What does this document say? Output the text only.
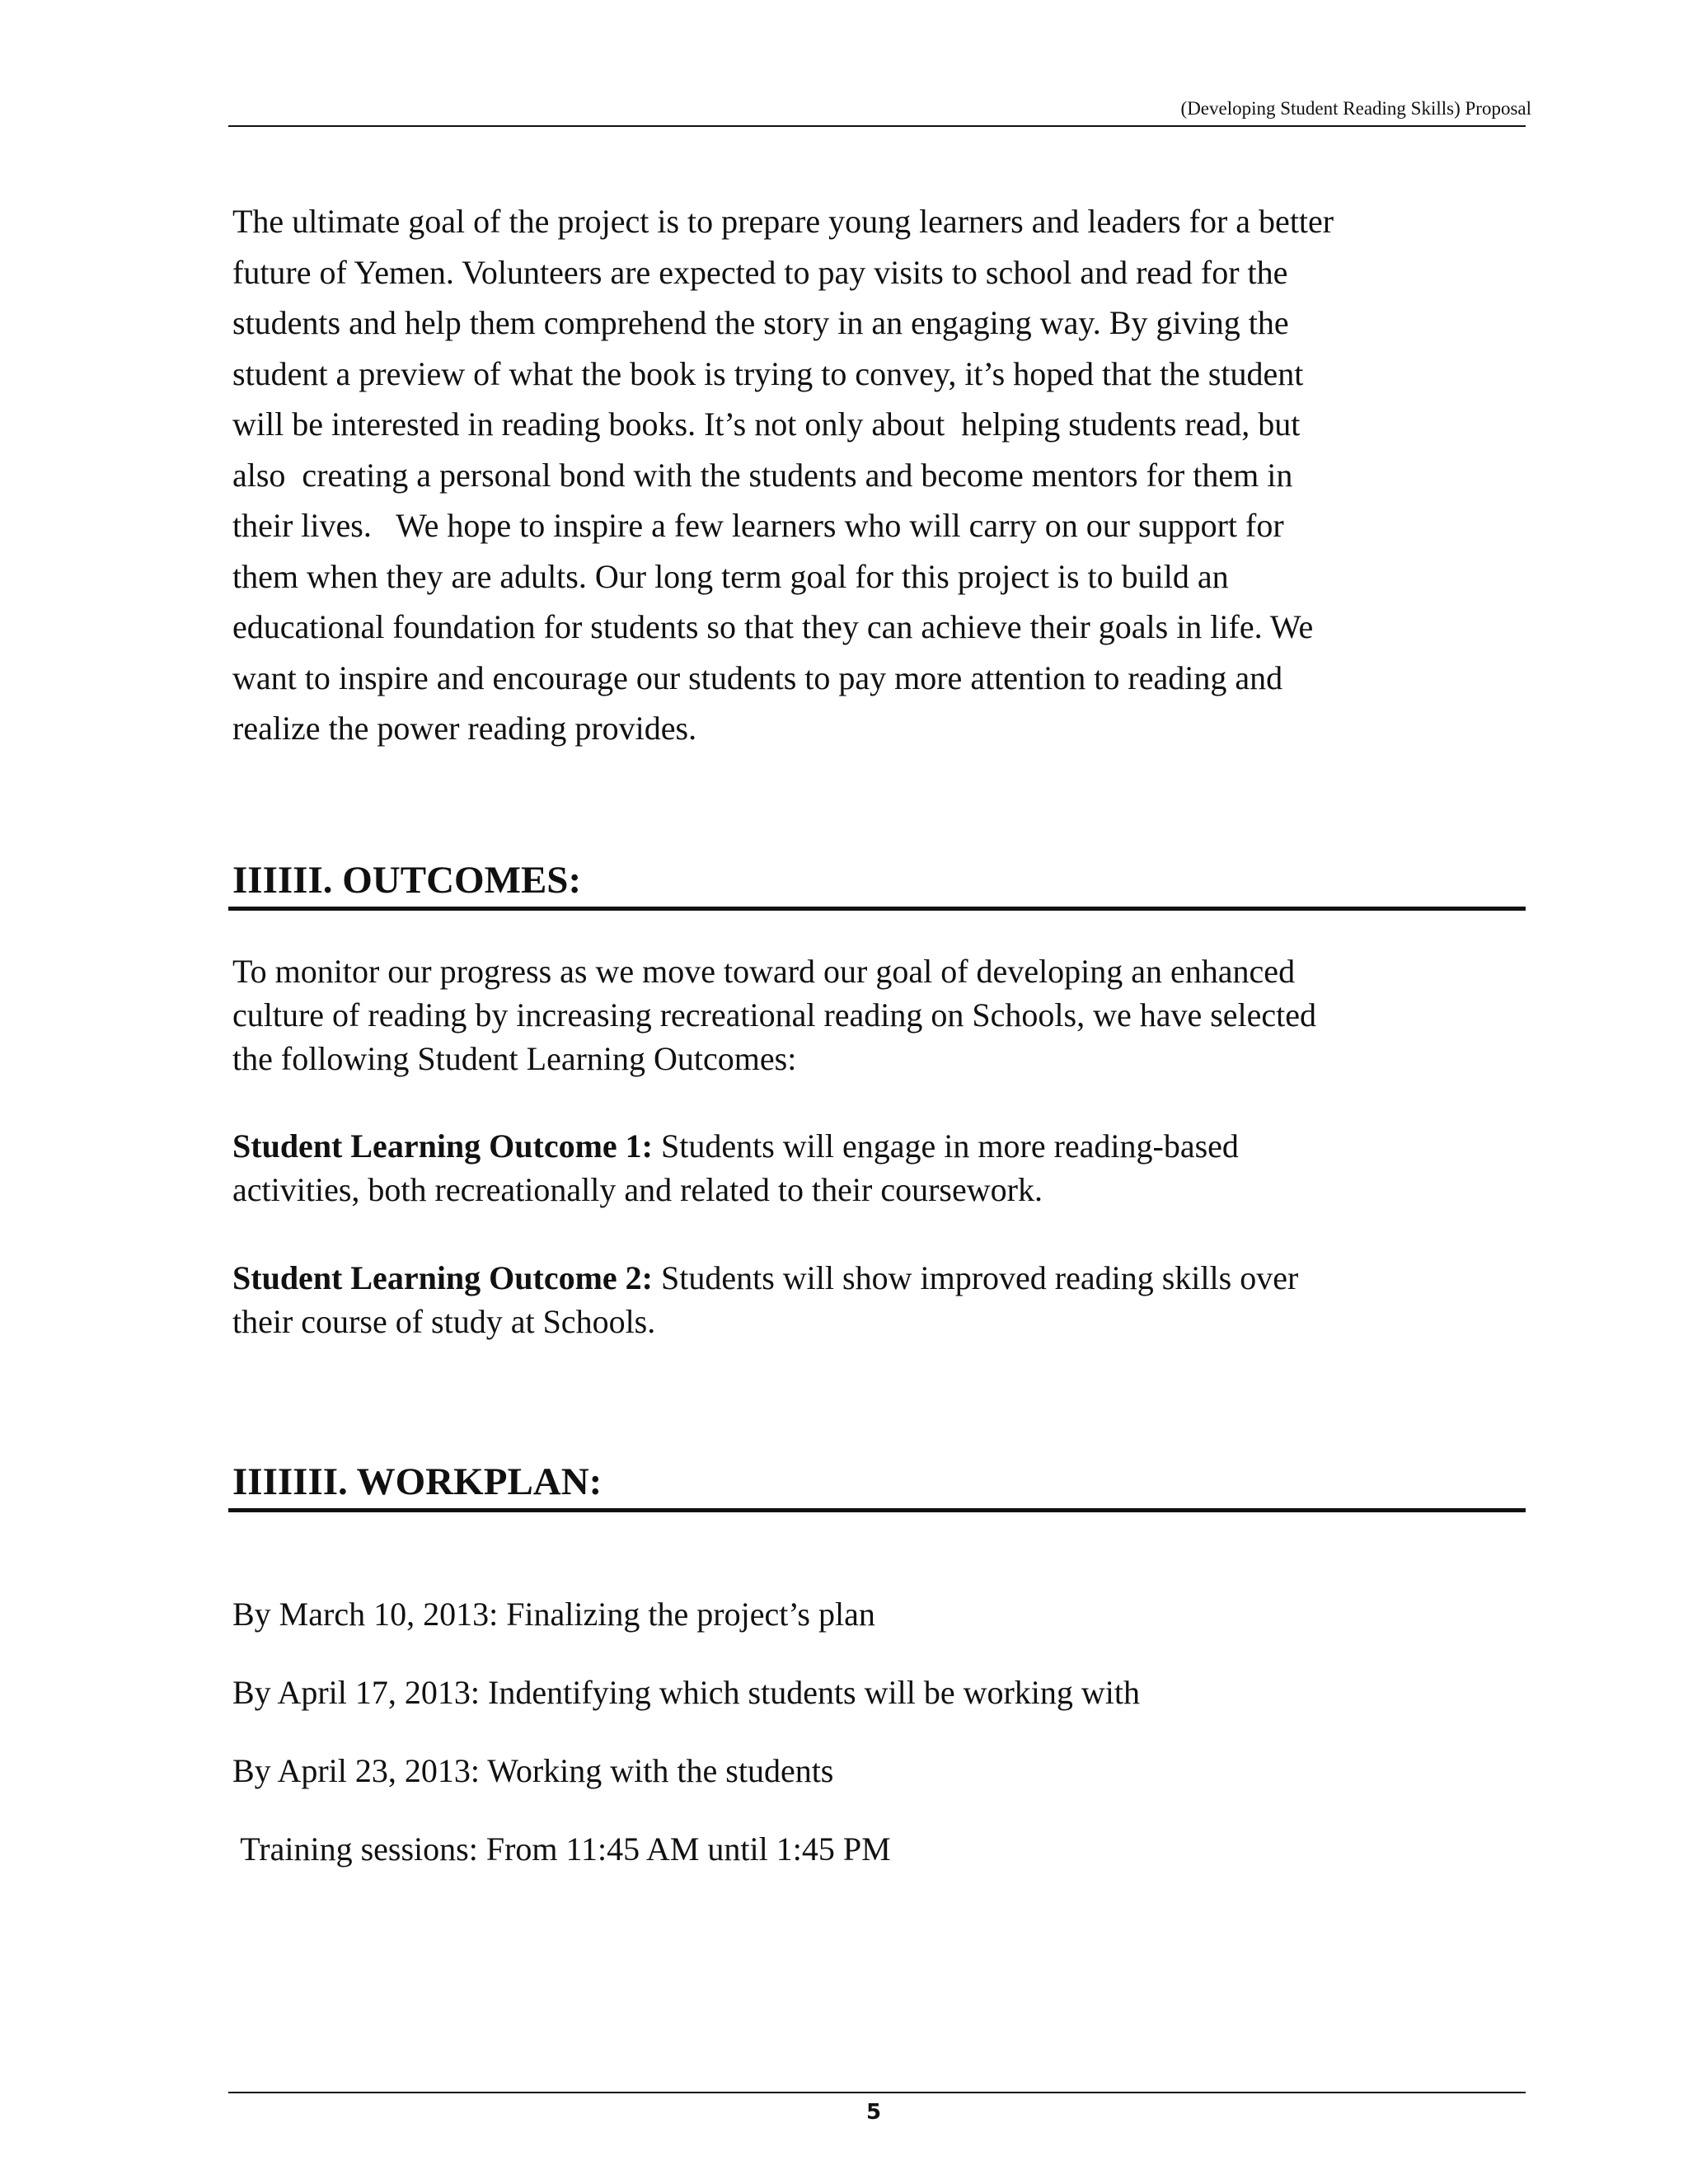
(Developing Student Reading Skills) Proposal
The ultimate goal of the project is to prepare young learners and leaders for a better
future of Yemen. Volunteers are expected to pay visits to school and read for the
students and help them comprehend the story in an engaging way. By giving the
student a preview of what the book is trying to convey, it’s hoped that the student
will be interested in reading books. It’s not only about  helping students read, but
also  creating a personal bond with the students and become mentors for them in
their lives.   We hope to inspire a few learners who will carry on our support for
them when they are adults. Our long term goal for this project is to build an
educational foundation for students so that they can achieve their goals in life. We
want to inspire and encourage our students to pay more attention to reading and
realize the power reading provides.
IIIIII. OUTCOMES:
To monitor our progress as we move toward our goal of developing an enhanced
culture of reading by increasing recreational reading on Schools, we have selected
the following Student Learning Outcomes:
Student Learning Outcome 1: Students will engage in more reading-based
activities, both recreationally and related to their coursework.
Student Learning Outcome 2: Students will show improved reading skills over
their course of study at Schools.
IIIIIII. WORKPLAN:
By March 10, 2013: Finalizing the project’s plan
By April 17, 2013: Indentifying which students will be working with
By April 23, 2013: Working with the students
Training sessions: From 11:45 AM until 1:45 PM
5
